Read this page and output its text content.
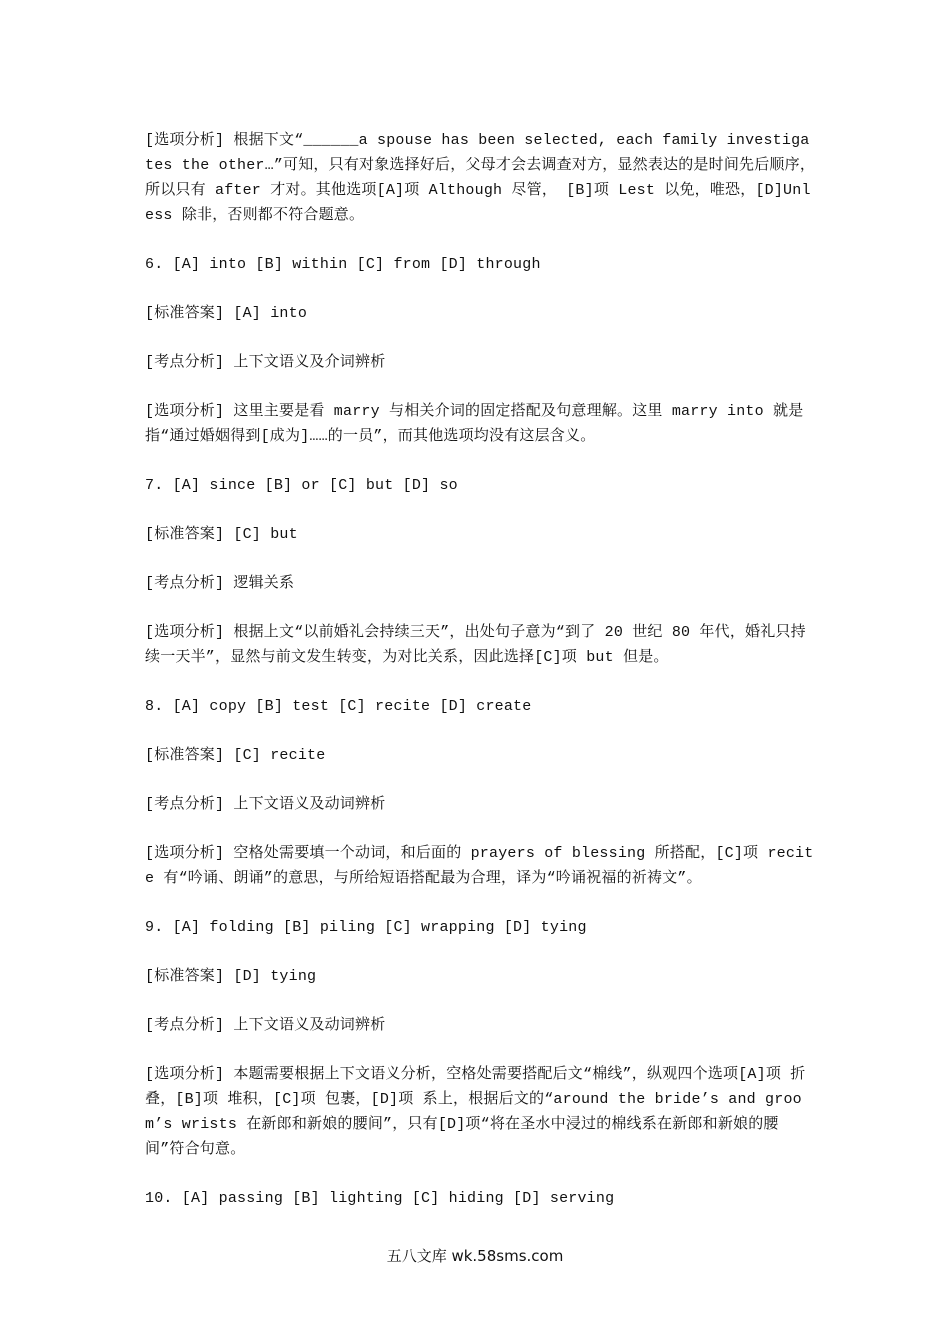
[选项分析] 根据下文“______a spouse has been selected, each family investigates the other…”可知，只有对象选择好后，父母才会去调查对方，显然表达的是时间先后顺序，所以只有 after 才对。其他选项[A]项 Although 尽管， [B]项 Lest 以免，唯恐，[D]Unless 除非，否则都不符合题意。

6. [A] into [B] within [C] from [D] through

[标准答案] [A] into

[考点分析] 上下文语义及介词辨析

[选项分析] 这里主要是看 marry 与相关介词的固定搭配及句意理解。这里 marry into 就是指“通过婚姻得到[成为]……的一员”，而其他选项均没有这层含义。

7. [A] since [B] or [C] but [D] so

[标准答案] [C] but

[考点分析] 逻辑关系

[选项分析] 根据上文“以前婚礼会持续三天”，出处句子意为“到了 20 世纪 80 年代，婚礼只持续一天半”，显然与前文发生转变，为对比关系，因此选择[C]项 but 但是。

8. [A] copy [B] test [C] recite [D] create

[标准答案] [C] recite

[考点分析] 上下文语义及动词辨析

[选项分析] 空格处需要填一个动词，和后面的 prayers of blessing 所搭配，[C]项 recite 有“吟诵、朗诵”的意思，与所给短语搭配最为合理，译为“吟诵祝福的祈祷文”。

9. [A] folding [B] piling [C] wrapping [D] tying

[标准答案] [D] tying

[考点分析] 上下文语义及动词辨析

[选项分析] 本题需要根据上下文语义分析，空格处需要搭配后文“棉线”，纵观四个选项[A]项 折叠，[B]项 堆积，[C]项 包裹，[D]项 系上，根据后文的“around the bride’s and groom’s wrists 在新郎和新娘的腰间”，只有[D]项“将在圣水中浸过的棉线系在新郎和新娘的腰间”符合句意。

10. [A] passing [B] lighting [C] hiding [D] serving

五八文库 wk.58sms.com
